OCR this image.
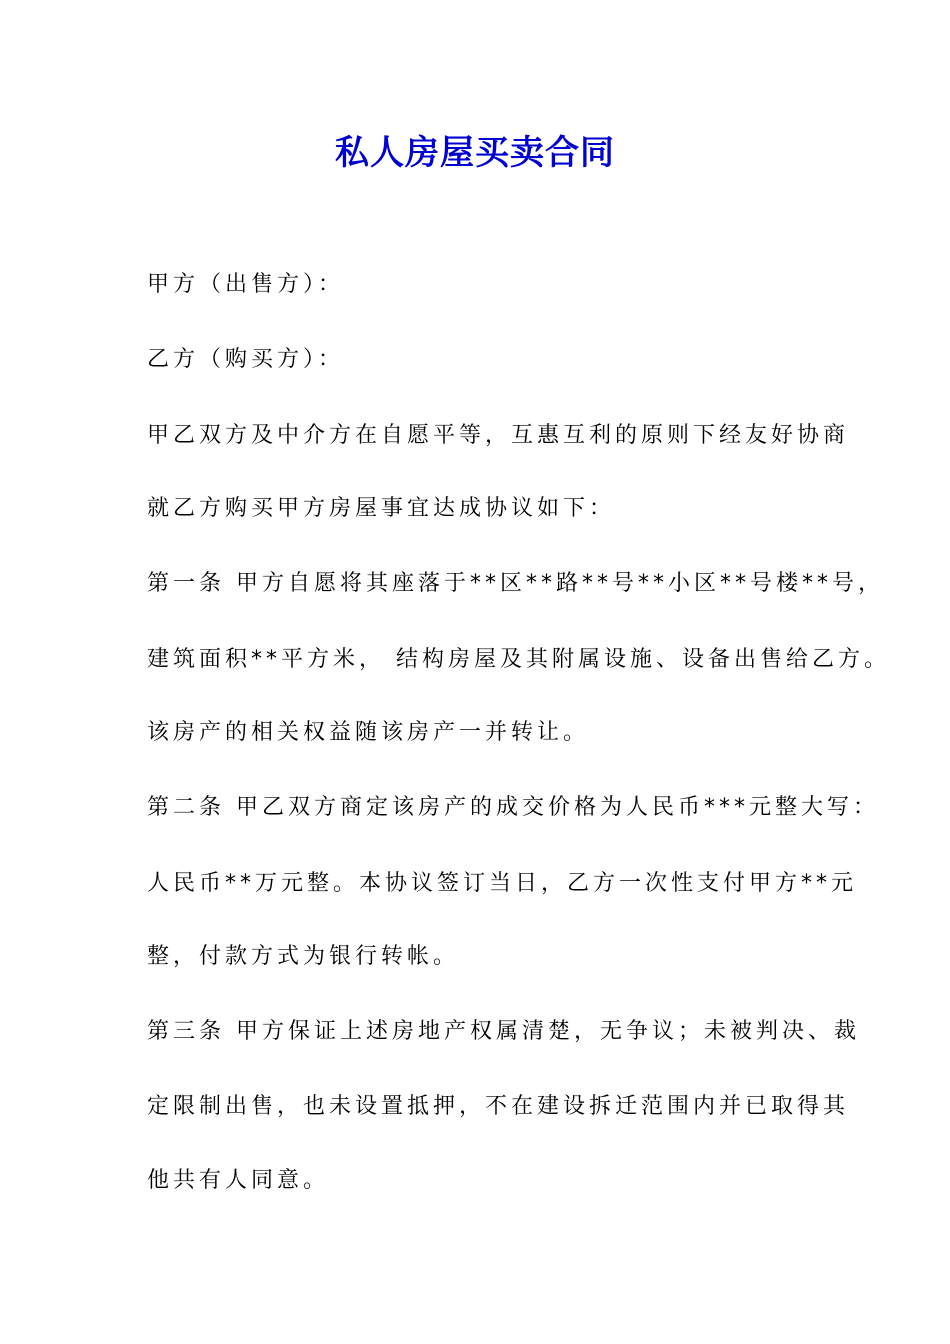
私人房屋买卖合同

甲方（出售方）：

乙方（购买方）：

甲乙双方及中介方在自愿平等，互惠互利的原则下经友好协商

就乙方购买甲方房屋事宜达成协议如下：

第一条 甲方自愿将其座落于**区**路**号**小区**号楼**号，

建筑面积**平方米， 结构房屋及其附属设施、设备出售给乙方。

该房产的相关权益随该房产一并转让。

第二条 甲乙双方商定该房产的成交价格为人民币***元整大写：

人民币**万元整。本协议签订当日，乙方一次性支付甲方**元

整，付款方式为银行转帐。

第三条 甲方保证上述房地产权属清楚，无争议；未被判决、裁

定限制出售，也未设置抵押，不在建设拆迁范围内并已取得其

他共有人同意。
